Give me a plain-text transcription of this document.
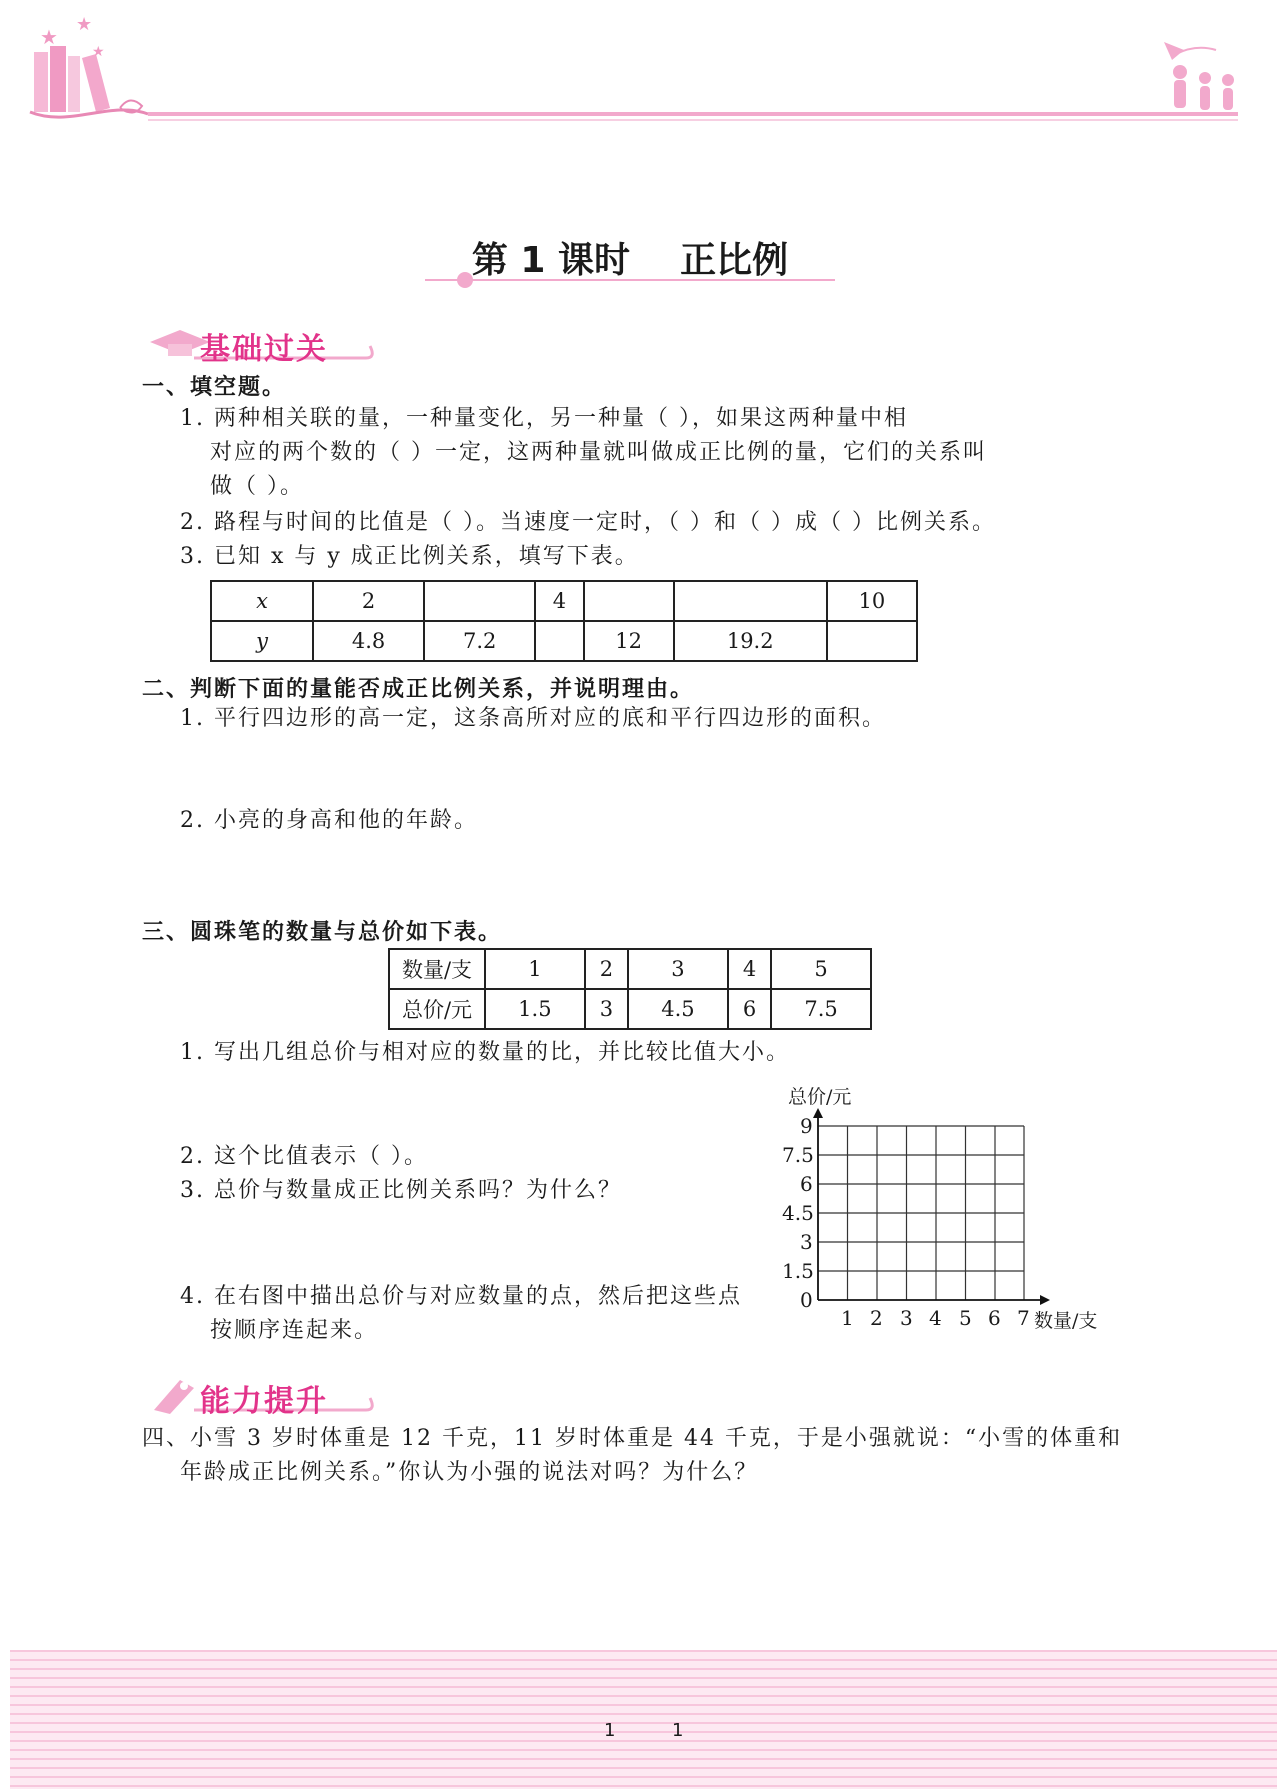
★
★
★
第 1 课时    正比例
基础过关
一、填空题。
1. 两种相关联的量，一种量变化，另一种量（ ），如果这两种量中相
对应的两个数的（ ）一定，这两种量就叫做成正比例的量，它们的关系叫
做（ ）。
2. 路程与时间的比值是（ ）。当速度一定时，（ ）和（ ）成（ ）比例关系。
3. 已知 x 与 y 成正比例关系，填写下表。
x	2		4			10
y	4.8	7.2		12	19.2	
二、判断下面的量能否成正比例关系，并说明理由。
1. 平行四边形的高一定，这条高所对应的底和平行四边形的面积。
2. 小亮的身高和他的年龄。
三、圆珠笔的数量与总价如下表。
数量/支	1	2	3	4	5
总价/元	1.5	3	4.5	6	7.5
1. 写出几组总价与相对应的数量的比，并比较比值大小。
2. 这个比值表示（ ）。
3. 总价与数量成正比例关系吗？为什么？
4. 在右图中描出总价与对应数量的点，然后把这些点
按顺序连起来。
总价/元
9
7.5
6
4.5
3
1.5
0
1 2 3 4 5 6 7 数量/支
能力提升
四、小雪 3 岁时体重是 12 千克，11 岁时体重是 44 千克，于是小强就说：“小雪的体重和
年龄成正比例关系。”你认为小强的说法对吗？为什么？
1	1
